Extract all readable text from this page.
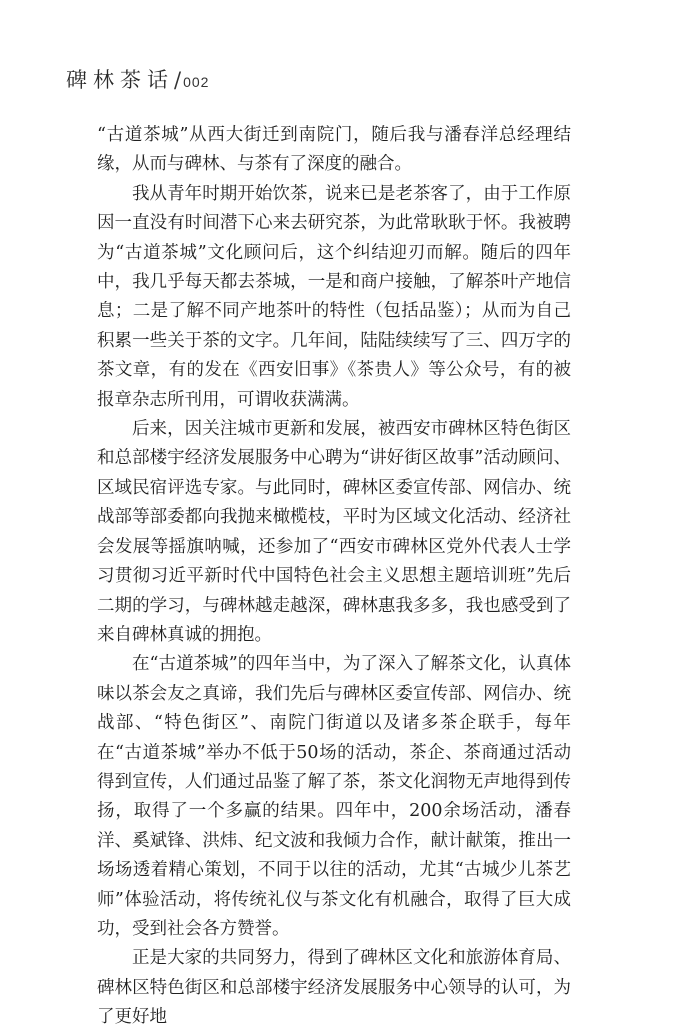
碑林茶话 / 002

“古道茶城”从西大街迁到南院门，随后我与潘春洋总经理结缘，从而与碑林、与茶有了深度的融合。

我从青年时期开始饮茶，说来已是老茶客了，由于工作原因一直没有时间潜下心来去研究茶，为此常耿耿于怀。我被聘为“古道茶城”文化顾问后，这个纠结迎刃而解。随后的四年中，我几乎每天都去茶城，一是和商户接触，了解茶叶产地信息；二是了解不同产地茶叶的特性（包括品鉴）；从而为自己积累一些关于茶的文字。几年间，陆陆续续写了三、四万字的茶文章，有的发在《西安旧事》《茶贵人》等公众号，有的被报章杂志所刊用，可谓收获满满。

后来，因关注城市更新和发展，被西安市碑林区特色街区和总部楼宇经济发展服务中心聘为“讲好街区故事”活动顾问、区域民宿评选专家。与此同时，碑林区委宣传部、网信办、统战部等部委都向我抛来橄榄枝，平时为区域文化活动、经济社会发展等摇旗呐喊，还参加了“西安市碑林区党外代表人士学习贯彻习近平新时代中国特色社会主义思想主题培训班”先后二期的学习，与碑林越走越深，碑林惠我多多，我也感受到了来自碑林真诚的拥抱。

在“古道茶城”的四年当中，为了深入了解茶文化，认真体味以茶会友之真谛，我们先后与碑林区委宣传部、网信办、统战部、“特色街区”、南院门街道以及诸多茶企联手，每年在“古道茶城”举办不低于50场的活动，茶企、茶商通过活动得到宣传，人们通过品鉴了解了茶，茶文化润物无声地得到传扬，取得了一个多赢的结果。四年中，200余场活动，潘春洋、奚斌锋、洪炜、纪文波和我倾力合作，献计献策，推出一场场透着精心策划，不同于以往的活动，尤其“古城少儿茶艺师”体验活动，将传统礼仪与茶文化有机融合，取得了巨大成功，受到社会各方赞誉。

正是大家的共同努力，得到了碑林区文化和旅游体育局、碑林区特色街区和总部楼宇经济发展服务中心领导的认可，为了更好地
